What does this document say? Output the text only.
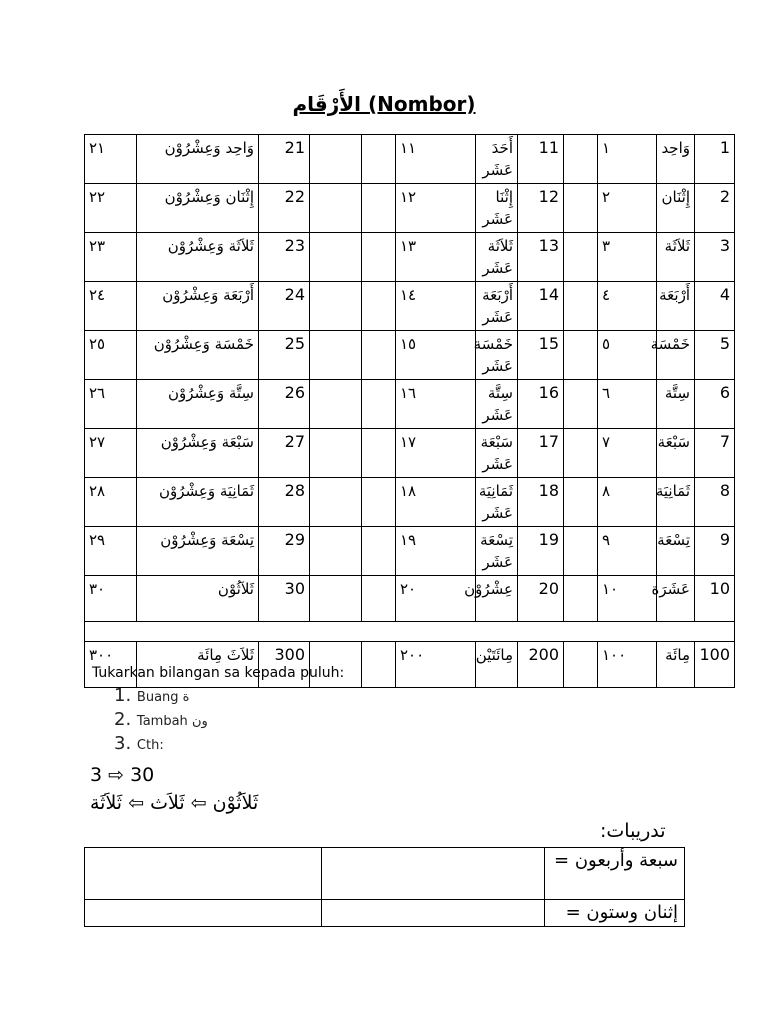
الأَرْقَام (Nombor)
٢١	وَاحِد وَعِشْرُوْن	21			١١	أَحَدَ عَشَر	11		١	وَاحِد	1
٢٢	إِثْنَان وَعِشْرُوْن	22			١٢	إِثْنَا عَشَر	12		٢	إِثْنَان	2
٢٣	ثَلاَثَة وَعِشْرُوْن	23			١٣	ثَلاَثَة عَشَر	13		٣	ثَلاَثَة	3
٢٤	أَرْبَعَة وَعِشْرُوْن	24			١٤	أَرْبَعَة عَشَر	14		٤	أَرْبَعَة	4
٢٥	خَمْسَة وَعِشْرُوْن	25			١٥	خَمْسَة عَشَر	15		٥	خَمْسَة	5
٢٦	سِتَّة وَعِشْرُوْن	26			١٦	سِتَّة عَشَر	16		٦	سِتَّة	6
٢٧	سَبْعَة وَعِشْرُوْن	27			١٧	سَبْعَة عَشَر	17		٧	سَبْعَة	7
٢٨	ثَمَانِيَة وَعِشْرُوْن	28			١٨	ثَمَانِيَة عَشَر	18		٨	ثَمَانِيَة	8
٢٩	تِسْعَة وَعِشْرُوْن	29			١٩	تِسْعَة عَشَر	19		٩	تِسْعَة	9
٣٠	ثَلاَثُوْن	30			٢٠	عِشْرُوْن	20		١٠	عَشَرَة	10

٣٠٠	ثَلاَثَ مِائَة	300			٢٠٠	مِائَتَيْن	200		١٠٠	مِائَة	100
Tukarkan bilangan sa kepada puluh:
1. Buang ة
2. Tambah ون
3. Cth:
3 ⇨ 30
ثَلاَثُوْن ⇦ ثَلاَث ⇦ ثَلاَثَة
تدريبات:
		سبعة وأربعون =
		إثنان وستون =
